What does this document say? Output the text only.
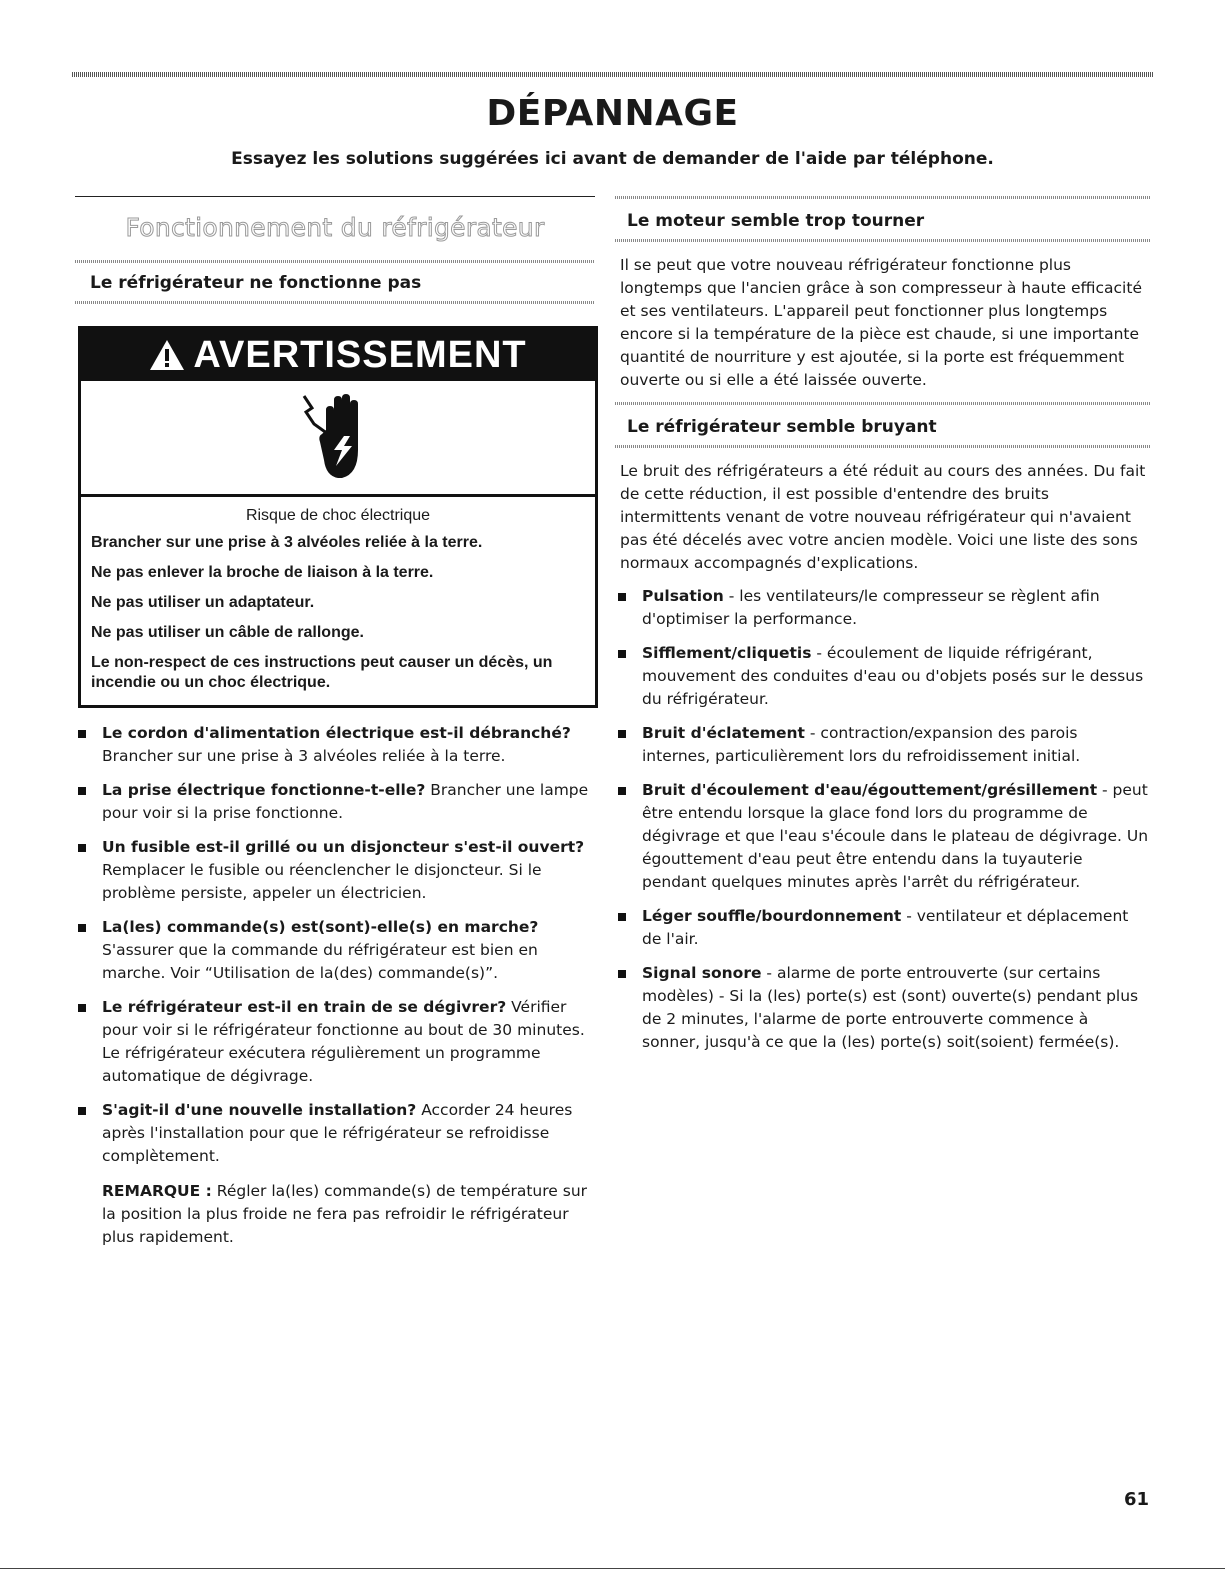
DÉPANNAGE

Essayez les solutions suggérées ici avant de demander de l'aide par téléphone.

Fonctionnement du réfrigérateur
Le réfrigérateur ne fonctionne pas
AVERTISSEMENT

Risque de choc électrique

Brancher sur une prise à 3 alvéoles reliée à la terre.

Ne pas enlever la broche de liaison à la terre.

Ne pas utiliser un adaptateur.

Ne pas utiliser un câble de rallonge.

Le non-respect de ces instructions peut causer un décès, un incendie ou un choc électrique.

Le cordon d'alimentation électrique est-il débranché? Brancher sur une prise à 3 alvéoles reliée à la terre.
La prise électrique fonctionne-t-elle? Brancher une lampe pour voir si la prise fonctionne.
Un fusible est-il grillé ou un disjoncteur s'est-il ouvert? Remplacer le fusible ou réenclencher le disjoncteur. Si le problème persiste, appeler un électricien.
La(les) commande(s) est(sont)-elle(s) en marche? S'assurer que la commande du réfrigérateur est bien en marche. Voir “Utilisation de la(des) commande(s)”.
Le réfrigérateur est-il en train de se dégivrer? Vérifier pour voir si le réfrigérateur fonctionne au bout de 30 minutes. Le réfrigérateur exécutera régulièrement un programme automatique de dégivrage.
S'agit-il d'une nouvelle installation? Accorder 24 heures après l'installation pour que le réfrigérateur se refroidisse complètement.
REMARQUE : Régler la(les) commande(s) de température sur la position la plus froide ne fera pas refroidir le réfrigérateur plus rapidement.
Le moteur semble trop tourner

Il se peut que votre nouveau réfrigérateur fonctionne plus longtemps que l'ancien grâce à son compresseur à haute efficacité et ses ventilateurs. L'appareil peut fonctionner plus longtemps encore si la température de la pièce est chaude, si une importante quantité de nourriture y est ajoutée, si la porte est fréquemment ouverte ou si elle a été laissée ouverte.

Le réfrigérateur semble bruyant

Le bruit des réfrigérateurs a été réduit au cours des années. Du fait de cette réduction, il est possible d'entendre des bruits intermittents venant de votre nouveau réfrigérateur qui n'avaient pas été décelés avec votre ancien modèle. Voici une liste des sons normaux accompagnés d'explications.

Pulsation - les ventilateurs/le compresseur se règlent afin d'optimiser la performance.
Sifflement/cliquetis - écoulement de liquide réfrigérant, mouvement des conduites d'eau ou d'objets posés sur le dessus du réfrigérateur.
Bruit d'éclatement - contraction/expansion des parois internes, particulièrement lors du refroidissement initial.
Bruit d'écoulement d'eau/égouttement/grésillement - peut être entendu lorsque la glace fond lors du programme de dégivrage et que l'eau s'écoule dans le plateau de dégivrage. Un égouttement d'eau peut être entendu dans la tuyauterie pendant quelques minutes après l'arrêt du réfrigérateur.
Léger souffle/bourdonnement - ventilateur et déplacement de l'air.
Signal sonore - alarme de porte entrouverte (sur certains modèles) - Si la (les) porte(s) est (sont) ouverte(s) pendant plus de 2 minutes, l'alarme de porte entrouverte commence à sonner, jusqu'à ce que la (les) porte(s) soit(soient) fermée(s).
61
